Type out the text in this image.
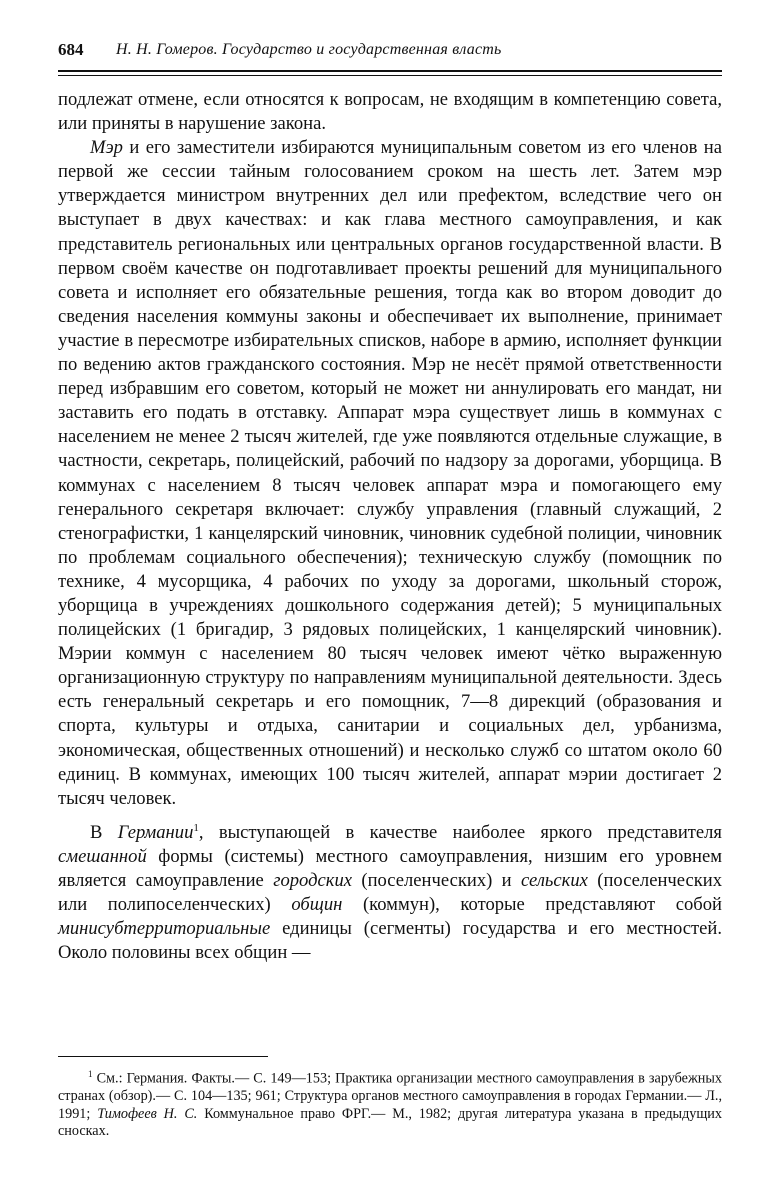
684 Н. Н. Гомеров. Государство и государственная власть

подлежат отмене, если относятся к вопросам, не входящим в компетенцию совета, или приняты в нарушение закона.

Мэр и его заместители избираются муниципальным советом из его членов на первой же сессии тайным голосованием сроком на шесть лет. Затем мэр утверждается министром внутренних дел или префектом, вследствие чего он выступает в двух качествах: и как глава местного самоуправления, и как представитель региональных или центральных органов государственной власти. В первом своём качестве он подготавливает проекты решений для муниципального совета и исполняет его обязательные решения, тогда как во втором доводит до сведения населения коммуны законы и обеспечивает их выполнение, принимает участие в пересмотре избирательных списков, наборе в армию, исполняет функции по ведению актов гражданского состояния. Мэр не несёт прямой ответственности перед избравшим его советом, который не может ни аннулировать его мандат, ни заставить его подать в отставку. Аппарат мэра существует лишь в коммунах с населением не менее 2 тысяч жителей, где уже появляются отдельные служащие, в частности, секретарь, полицейский, рабочий по надзору за дорогами, уборщица. В коммунах с населением 8 тысяч человек аппарат мэра и помогающего ему генерального секретаря включает: службу управления (главный служащий, 2 стенографистки, 1 канцелярский чиновник, чиновник судебной полиции, чиновник по проблемам социального обеспечения); техническую службу (помощник по технике, 4 мусорщика, 4 рабочих по уходу за дорогами, школьный сторож, уборщица в учреждениях дошкольного содержания детей); 5 муниципальных полицейских (1 бригадир, 3 рядовых полицейских, 1 канцелярский чиновник). Мэрии коммун с населением 80 тысяч человек имеют чётко выраженную организационную структуру по направлениям муниципальной деятельности. Здесь есть генеральный секретарь и его помощник, 7—8 дирекций (образования и спорта, культуры и отдыха, санитарии и социальных дел, урбанизма, экономическая, общественных отношений) и несколько служб со штатом около 60 единиц. В коммунах, имеющих 100 тысяч жителей, аппарат мэрии достигает 2 тысяч человек.

В Германии$^1$, выступающей в качестве наиболее яркого представителя смешанной формы (системы) местного самоуправления, низшим его уровнем является самоуправление городских (поселенческих) и сельских (поселенческих или полипоселенческих) общин (коммун), которые представляют собой минисубтерриториальные единицы (сегменты) государства и его местностей. Около половины всех общин —

$^1$ См.: Германия. Факты.— С. 149—153; Практика организации местного самоуправления в зарубежных странах (обзор).— С. 104—135; 961; Структура органов местного самоуправления в городах Германии.— Л., 1991; Тимофеев Н. С. Коммунальное право ФРГ.— М., 1982; другая литература указана в предыдущих сносках.
